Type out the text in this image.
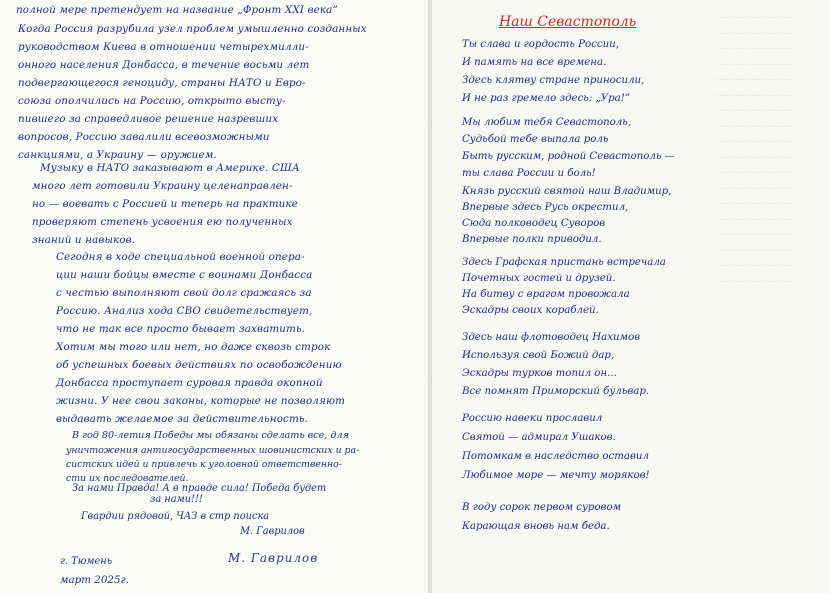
........................
........................
........................
........................
........................
........................
........................
........................
........................
........................
........................
........................
........................
........................
........................
........................
........................
........................
полной мере претендует на название „Фронт XXI века”
Когда Россия разрубила узел проблем умышленно созданных
руководством Киева в отношении четырехмилли-
онного населения Донбасса, в течение восьми лет
подвергающегося геноциду, страны НАТО и Евро-
союза ополчились на Россию, открыто высту-
пившего за справедливое решение назревших
вопросов, Россию завалили всевозможными
санкциями, а Украину — оружием.
Музыку в НАТО заказывают в Америке. США
много лет готовили Украину целенаправлен-
но — воевать с Россией и теперь на практике
проверяют степень усвоения ею полученных
знаний и навыков.
Сегодня в ходе специальной военной опера-
ции наши бойцы вместе с воинами Донбасса
с честью выполняют свой долг сражаясь за
Россию. Анализ хода СВО свидетельствует,
что не так все просто бывает захватить.
Хотим мы того или нет, но даже сквозь строк
об успешных боевых действиях по освобождению
Донбасса проступает суровая правда окопной
жизни. У нее свои законы, которые не позволяют
выдавать желаемое за действительность.
В год 80-летия Победы мы обязаны сделать все, для
уничтожения антигосударственных шовинистских и ра-
систских идей и привлечь к уголовной ответственно-
сти их последователей.
За нами Правда! А в правде сила! Победа будет
за нами!!!
Гвардии рядовой, ЧАЗ в стр поиска
М. Гаврилов
г. Тюмень
март 2025г.
М. Гаврилов
Наш Севастополь
Ты слава и гордость России,
И память на все времена.
Здесь клятву стране приносили,
И не раз гремело здесь: „Ура!”
Мы любим тебя Севастополь,
Судьбой тебе выпала роль
Быть русским, родной Севастополь —
ты слава России и боль!
Князь русский святой наш Владимир,
Впервые здесь Русь окрестил,
Сюда полководец Суворов
Впервые полки приводил.
Здесь Графская пристань встречала
Почетных гостей и друзей.
На битву с врагом провожала
Эскадры своих кораблей.
Здесь наш флотоводец Нахимов
Используя свой Божий дар,
Эскадры турков топил он...
Все помнят Приморский бульвар.
Россию навеки прославил
Святой — адмирал Ушаков.
Потомкам в наследство оставил
Любимое море — мечту моряков!
В году сорок первом суровом
Карающая вновь нам беда.
